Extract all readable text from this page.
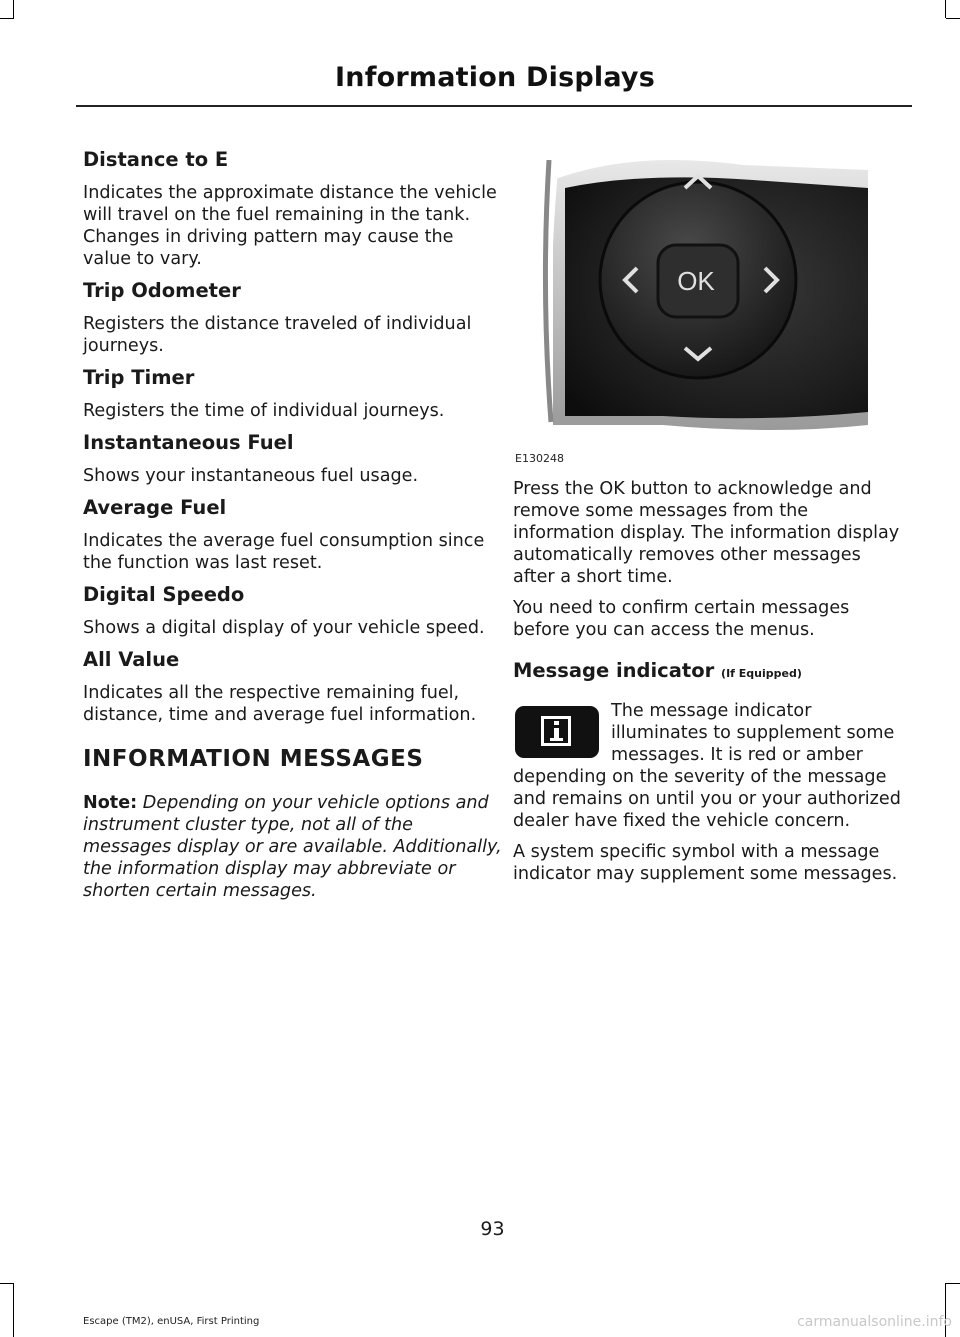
Information Displays
Distance to E

Indicates the approximate distance the vehicle will travel on the fuel remaining in the tank. Changes in driving pattern may cause the value to vary.

Trip Odometer

Registers the distance traveled of individual journeys.

Trip Timer

Registers the time of individual journeys.

Instantaneous Fuel

Shows your instantaneous fuel usage.

Average Fuel

Indicates the average fuel consumption since the function was last reset.

Digital Speedo

Shows a digital display of your vehicle speed.

All Value

Indicates all the respective remaining fuel, distance, time and average fuel information.

INFORMATION MESSAGES

Note: Depending on your vehicle options and instrument cluster type, not all of the messages display or are available. Additionally, the information display may abbreviate or shorten certain messages.

OK
E130248

Press the OK button to acknowledge and remove some messages from the information display. The information display automatically removes other messages after a short time.

You need to confirm certain messages before you can access the menus.

Message indicator (If Equipped)

The message indicator illuminates to supplement some messages. It is red or amber depending on the severity of the message and remains on until you or your authorized dealer have fixed the vehicle concern.

A system specific symbol with a message indicator may supplement some messages.

93
Escape (TM2), enUSA, First Printing	carmanualsonline.info
